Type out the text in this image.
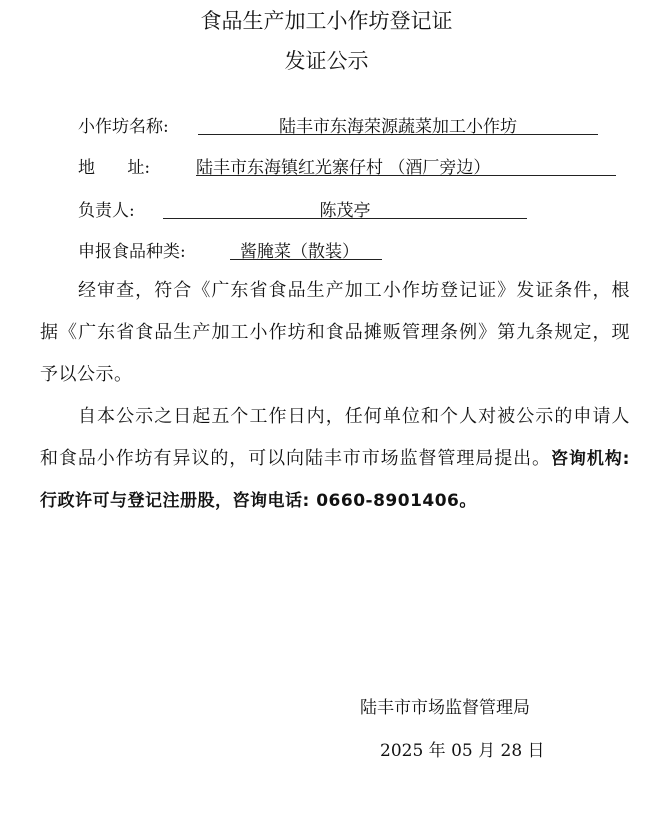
食品生产加工小作坊登记证
发证公示
小作坊名称:	陆丰市东海荣源蔬菜加工小作坊
地      址:	陆丰市东海镇红光寨仔村 （酒厂旁边）
负责人:	陈茂亭
申报食品种类:	酱腌菜（散装）
经审查，符合《广东省食品生产加工小作坊登记证》发证条件，根据《广东省食品生产加工小作坊和食品摊贩管理条例》第九条规定，现予以公示。
自本公示之日起五个工作日内，任何单位和个人对被公示的申请人和食品小作坊有异议的，可以向陆丰市市场监督管理局提出。咨询机构:行政许可与登记注册股，咨询电话: 0660-8901406。
陆丰市市场监督管理局
2025 年 05 月 28 日
